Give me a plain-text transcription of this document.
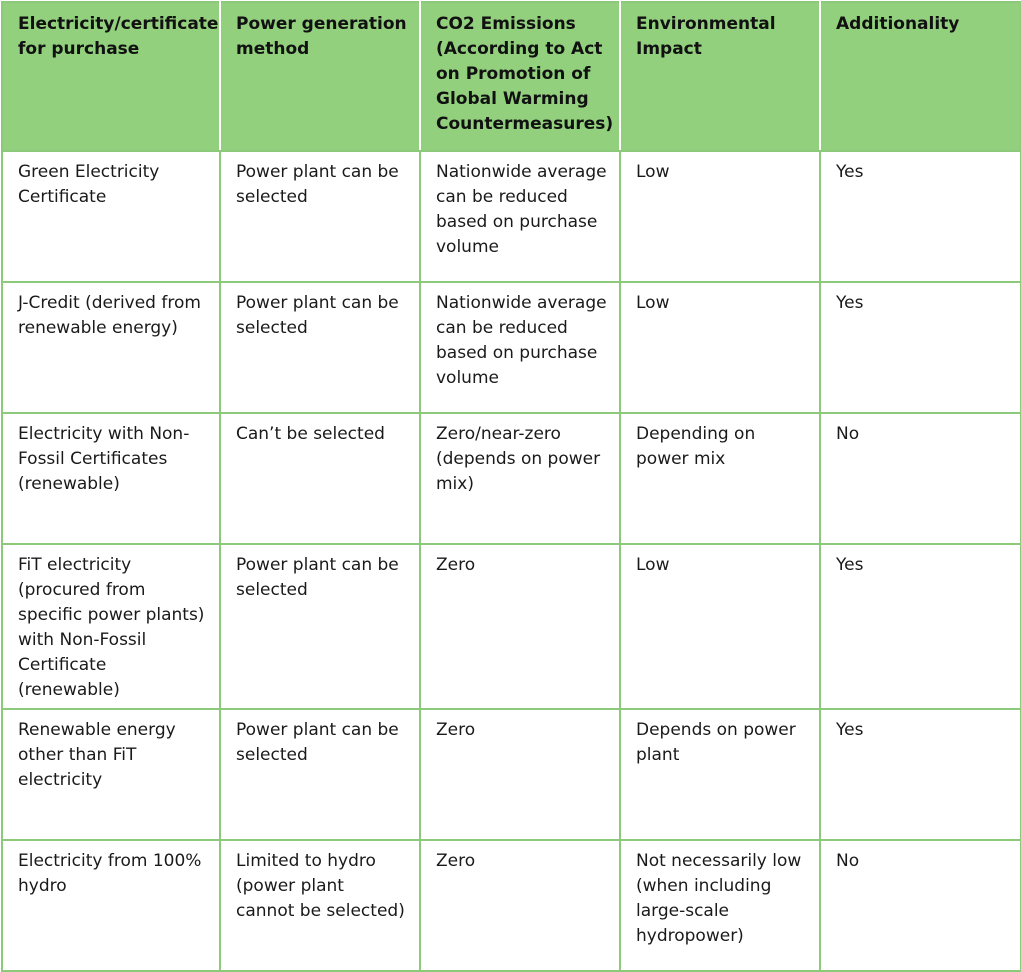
Electricity/certificate for purchase	Power generation method	CO2 Emissions (According to Act on Promotion of Global Warming Countermeasures)	Environmental Impact	Additionality
Green Electricity Certificate	Power plant can be selected	Nationwide average can be reduced based on purchase volume	Low	Yes
J-Credit (derived from renewable energy)	Power plant can be selected	Nationwide average can be reduced based on purchase volume	Low	Yes
Electricity with Non-Fossil Certificates (renewable)	Can’t be selected	Zero/near-zero (depends on power mix)	Depending on power mix	No
FiT electricity (procured from specific power plants) with Non-Fossil Certificate (renewable)	Power plant can be selected	Zero	Low	Yes
Renewable energy other than FiT electricity	Power plant can be selected	Zero	Depends on power plant	Yes
Electricity from 100% hydro	Limited to hydro (power plant cannot be selected)	Zero	Not necessarily low (when including large-scale hydropower)	No
